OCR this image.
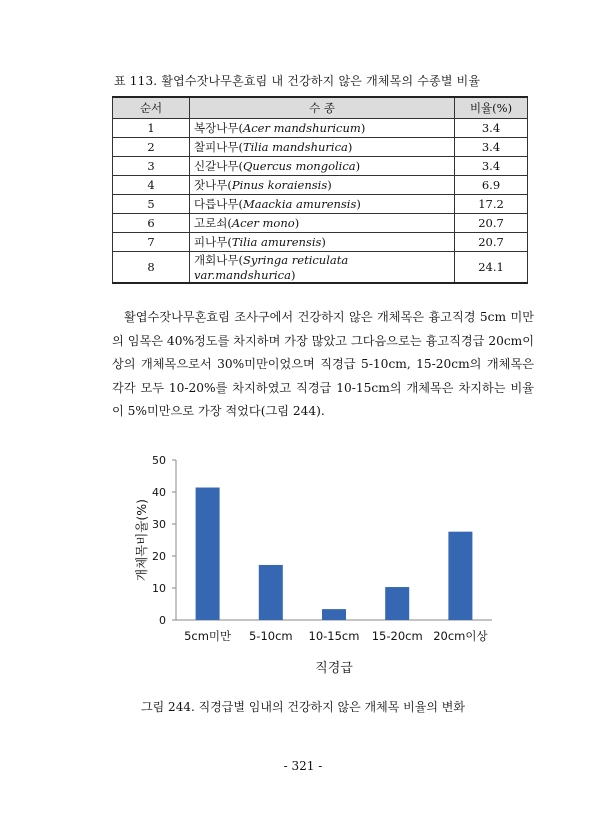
표 113. 활엽수잣나무혼효림 내 건강하지 않은 개체목의 수종별 비율
순서	수 종	비율(%)
1	복장나무(Acer mandshuricum)	3.4
2	찰피나무(Tilia mandshurica)	3.4
3	신갈나무(Quercus mongolica)	3.4
4	잣나무(Pinus koraiensis)	6.9
5	다릅나무(Maackia amurensis)	17.2
6	고로쇠(Acer mono)	20.7
7	피나무(Tilia amurensis)	20.7
8	개회나무(Syringa reticulata var.mandshurica)	24.1

활엽수잣나무혼효림 조사구에서 건강하지 않은 개체목은 흉고직경 5cm 미만의 임목은 40%정도를 차지하며 가장 많았고 그다음으로는 흉고직경급 20cm이상의 개체목으로서 30%미만이었으며 직경급 5-10cm, 15-20cm의 개체목은 각각 모두 10-20%를 차지하였고 직경급 10-15cm의 개체목은 차지하는 비율이 5%미만으로 가장 적었다(그림 244).

0
10
20
30
40
50
5cm미만 5-10cm 10-15cm 15-20cm 20cm이상
직경급
개체목비율(%)
그림 244. 직경급별 임내의 건강하지 않은 개체목 비율의 변화
- 321 -
